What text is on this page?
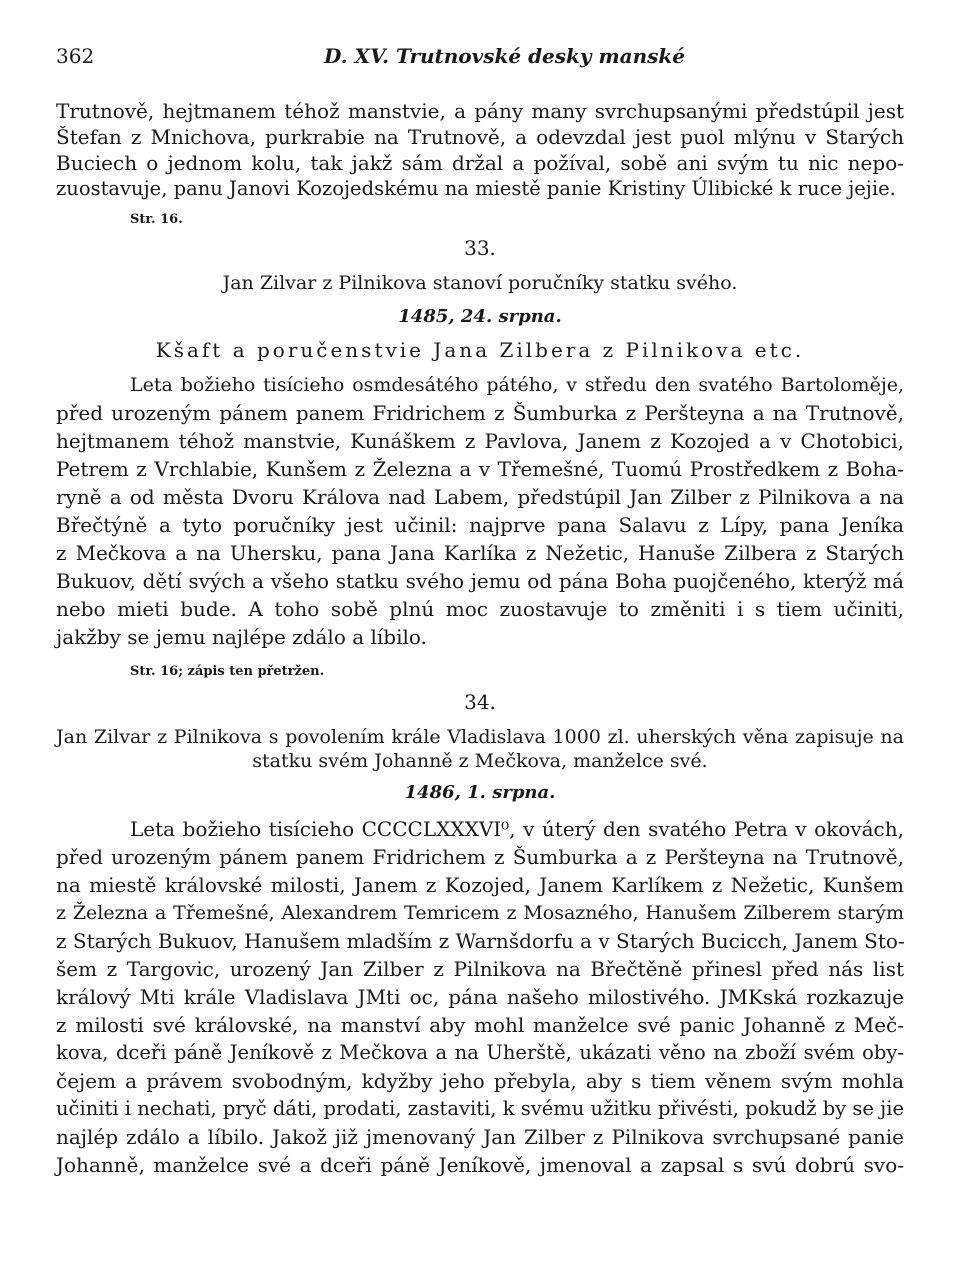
362	D. XV. Trutnovské desky manské
Trutnově, hejtmanem téhož manstvie, a pány many svrchupsanými předstúpil jest
Štefan z Mnichova, purkrabie na Trutnově, a odevzdal jest puol mlýnu v Starých
Buciech o jednom kolu, tak jakž sám držal a požíval, sobě ani svým tu nic nepo-
zuostavuje, panu Janovi Kozojedskému na miestě panie Kristiny Úlibické k ruce jejie.
Str. 16.
33.
Jan Zilvar z Pilnikova stanoví poručníky statku svého.
1485, 24. srpna.
Kšaft a poručenstvie Jana Zilbera z Pilnikova etc.
Leta božieho tisícieho osmdesátého pátého, v středu den svatého Bartoloměje,
před urozeným pánem panem Fridrichem z Šumburka z Peršteyna a na Trutnově,
hejtmanem téhož manstvie, Kunáškem z Pavlova, Janem z Kozojed a v Chotobici,
Petrem z Vrchlabie, Kunšem z Železna a v Třemešné, Tuomú Prostředkem z Boha-
ryně a od města Dvoru Králova nad Labem, předstúpil Jan Zilber z Pilnikova a na
Břečtýně a tyto poručníky jest učinil: najprve pana Salavu z Lípy, pana Jeníka
z Mečkova a na Uhersku, pana Jana Karlíka z Nežetic, Hanuše Zilbera z Starých
Bukuov, dětí svých a všeho statku svého jemu od pána Boha puojčeného, kterýž má
nebo mieti bude. A toho sobě plnú moc zuostavuje to změniti i s tiem učiniti,
jakžby se jemu najlépe zdálo a líbilo.
Str. 16; zápis ten přetržen.
34.
Jan Zilvar z Pilnikova s povolením krále Vladislava 1000 zl. uherských věna zapisuje na
statku svém Johanně z Mečkova, manželce své.
1486, 1. srpna.
Leta božieho tisícieho CCCCLXXXVI⁰, v úterý den svatého Petra v okovách,
před urozeným pánem panem Fridrichem z Šumburka a z Peršteyna na Trutnově,
na miestě královské milosti, Janem z Kozojed, Janem Karlíkem z Nežetic, Kunšem
z Železna a Třemešné, Alexandrem Temricem z Mosazného, Hanušem Zilberem starým
z Starých Bukuov, Hanušem mladším z Warnšdorfu a v Starých Bucicch, Janem Sto-
šem z Targovic, urozený Jan Zilber z Pilnikova na Břečtěně přinesl před nás list
králový Mti krále Vladislava JMti oc, pána našeho milostivého. JMKská rozkazuje
z milosti své královské, na manství aby mohl manželce své panic Johanně z Meč-
kova, dceři páně Jeníkově z Mečkova a na Uherště, ukázati věno na zboží svém oby-
čejem a právem svobodným, kdyžby jeho přebyla, aby s tiem věnem svým mohla
učiniti i nechati, pryč dáti, prodati, zastaviti, k svému užitku přivésti, pokudž by se jie
najlép zdálo a líbilo. Jakož již jmenovaný Jan Zilber z Pilnikova svrchupsané panie
Johanně, manželce své a dceři páně Jeníkově, jmenoval a zapsal s svú dobrú svo-
